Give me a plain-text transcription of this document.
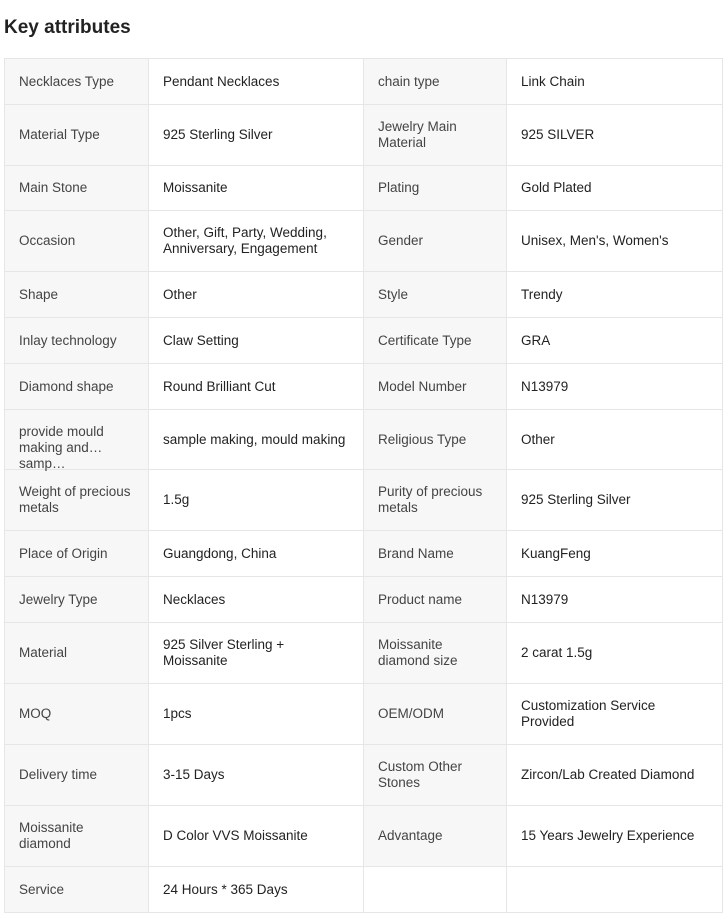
Key attributes
Necklaces Type	Pendant Necklaces	chain type	Link Chain

Material Type	925 Sterling Silver	Jewelry Main Material	925 SILVER

Main Stone	Moissanite	Plating	Gold Plated

Occasion	Other, Gift, Party, Wedding, Anniversary, Engagement	Gender	Unisex, Men's, Women's

Shape	Other	Style	Trendy

Inlay technology	Claw Setting	Certificate Type	GRA

Diamond shape	Round Brilliant Cut	Model Number	N13979

provide mould making and samp…	sample making, mould making	Religious Type	Other

Weight of precious metals	1.5g	Purity of precious metals	925 Sterling Silver

Place of Origin	Guangdong, China	Brand Name	KuangFeng

Jewelry Type	Necklaces	Product name	N13979

Material	925 Silver Sterling + Moissanite	Moissanite diamond size	2 carat 1.5g

MOQ	1pcs	OEM/ODM	Customization Service Provided

Delivery time	3-15 Days	Custom Other Stones	Zircon/Lab Created Diamond

Moissanite diamond	D Color VVS Moissanite	Advantage	15 Years Jewelry Experience

Service	24 Hours * 365 Days		
